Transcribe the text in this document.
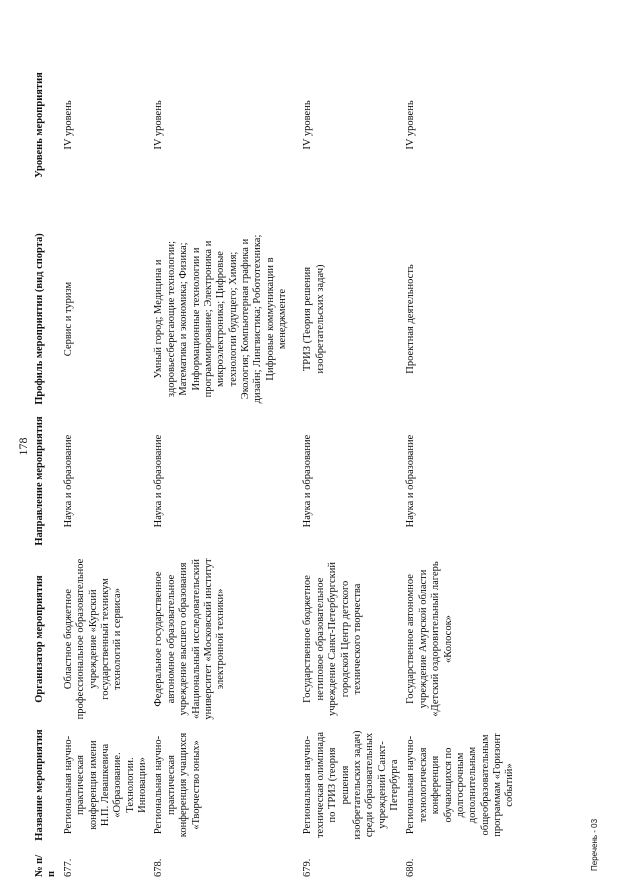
178
№ п/п	Название мероприятия	Организатор мероприятия	Направление мероприятия	Профиль мероприятия (вид спорта)	Уровень мероприятия
677.	Региональная научно-практическая конференция имени Н.П. Левашкевича «Образование. Технологии. Инновации»	Областное бюджетное профессиональное образовательное учреждение «Курский государственный техникум технологий и сервиса»	Наука и образование	Сервис и туризм	IV уровень
678.	Региональная научно-практическая конференция учащихся «Творчество юных»	Федеральное государственное автономное образовательное учреждение высшего образования «Национальный исследовательский университет «Московский институт электронной техники»	Наука и образование	Умный город; Медицина и здоровьесберегающие технологии; Математика и экономика; Физика; Информационные технологии и программирование; Электроника и микроэлектроника; Цифровые технологии будущего; Химия; Экология; Компьютерная графика и дизайн; Лингвистика; Робототехника; Цифровые коммуникации в менеджменте	IV уровень
679.	Региональная научно-техническая олимпиада по ТРИЗ (теория решения изобретательских задач) среди образовательных учреждений Санкт-Петербурга	Государственное бюджетное нетиповое образовательное учреждение Санкт-Петербургский городской Центр детского технического творчества	Наука и образование	ТРИЗ (Теория решения изобретательских задач)	IV уровень
680.	Региональная научно-технологическая конференция обучающихся по долгосрочным дополнительным общеобразовательным программам «Горизонт событий»	Государственное автономное учреждение Амурской области «Детский оздоровительный лагерь «Колосок»	Наука и образование	Проектная деятельность	IV уровень
Перечень - 03
